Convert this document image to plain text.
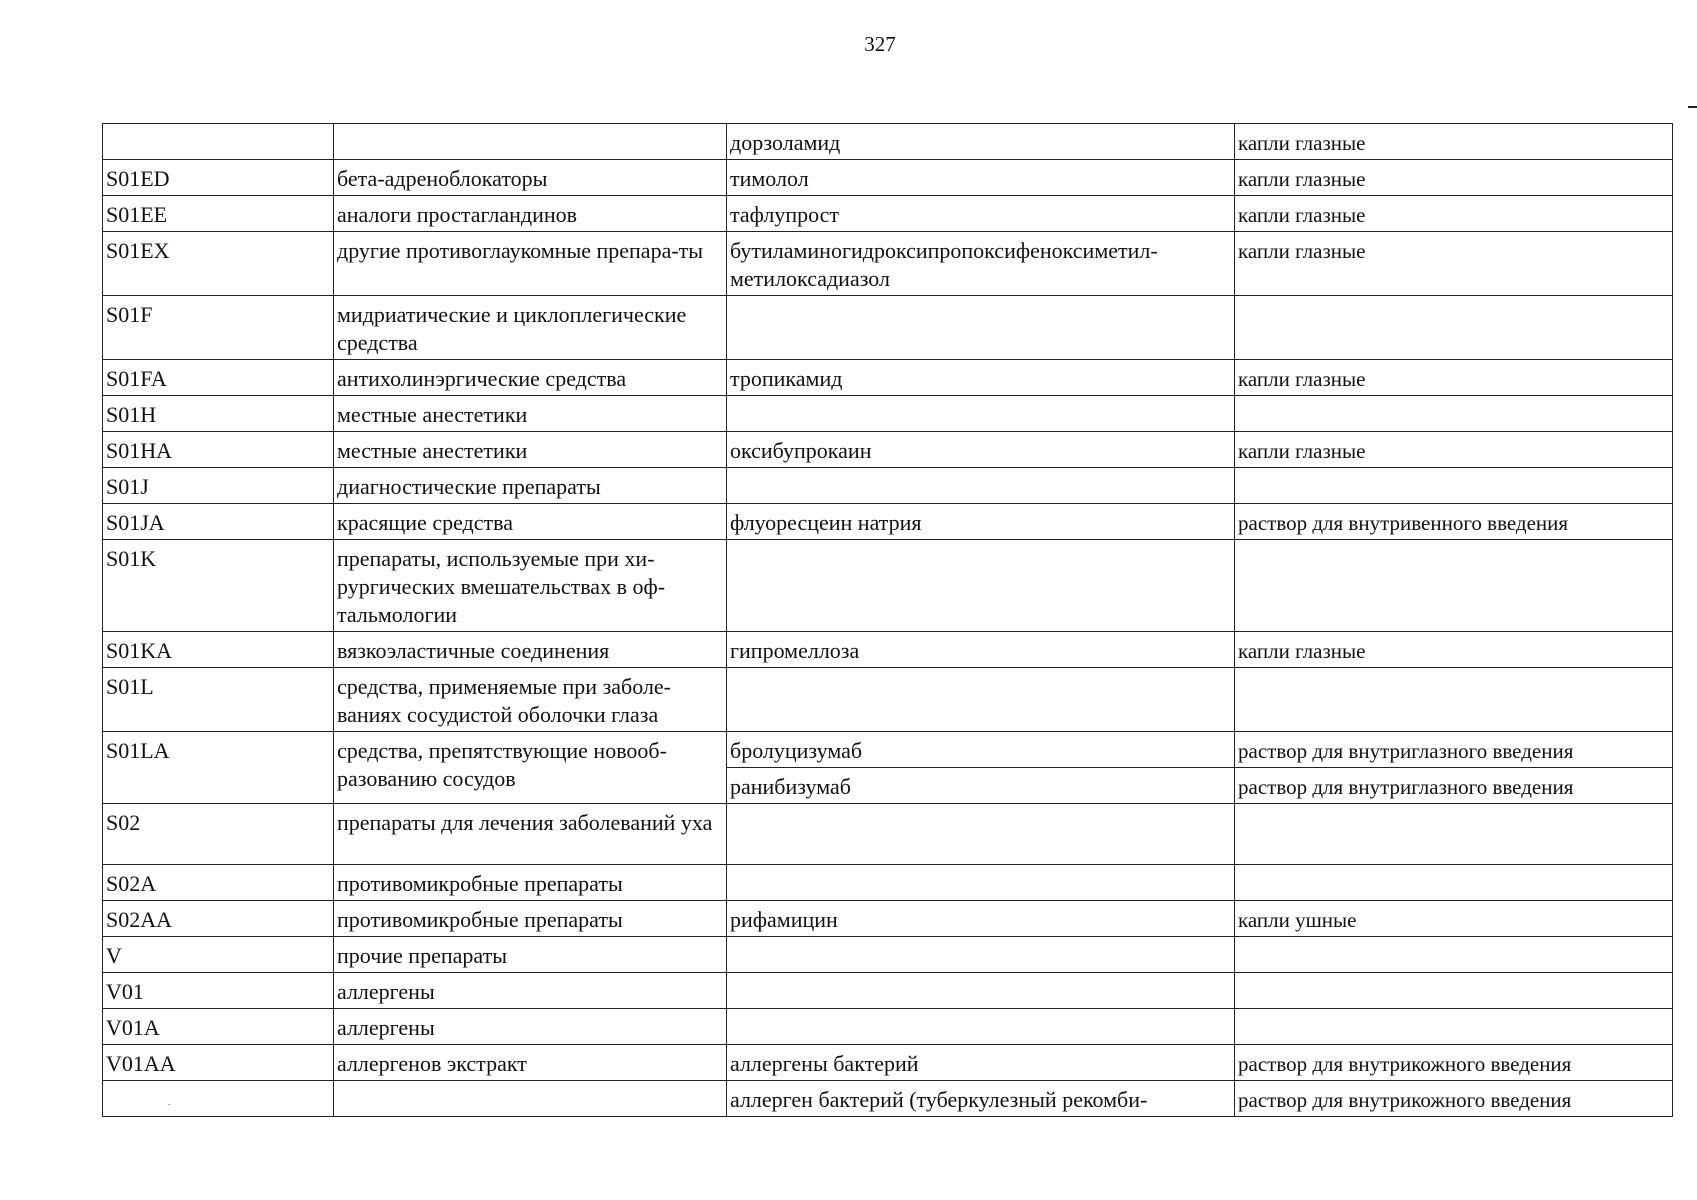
327
		дорзоламид	капли глазные
S01ED	бета-адреноблокаторы	тимолол	капли глазные
S01EE	аналоги простагландинов	тафлупрост	капли глазные
S01EX	другие противоглаукомные препара-ты	бутиламиногидроксипропоксифеноксиметил-метилоксадиазол	капли глазные
S01F	мидриатические и циклоплегические средства		
S01FA	антихолинэргические средства	тропикамид	капли глазные
S01H	местные анестетики		
S01HA	местные анестетики	оксибупрокаин	капли глазные
S01J	диагностические препараты		
S01JA	красящие средства	флуоресцеин натрия	раствор для внутривенного введения
S01K	препараты, используемые при хи-рургических вмешательствах в оф-тальмологии		
S01KA	вязкоэластичные соединения	гипромеллоза	капли глазные
S01L	средства, применяемые при заболе-ваниях сосудистой оболочки глаза		
S01LA	средства, препятствующие новооб-разованию сосудов	бролуцизумаб	раствор для внутриглазного введения
		ранибизумаб	раствор для внутриглазного введения
S02	препараты для лечения заболеваний уха		
S02A	противомикробные препараты		
S02AA	противомикробные препараты	рифамицин	капли ушные
V	прочие препараты		
V01	аллергены		
V01A	аллергены		
V01AA	аллергенов экстракт	аллергены бактерий	раствор для внутрикожного введения
		аллерген бактерий (туберкулезный рекомби-	раствор для внутрикожного введения
